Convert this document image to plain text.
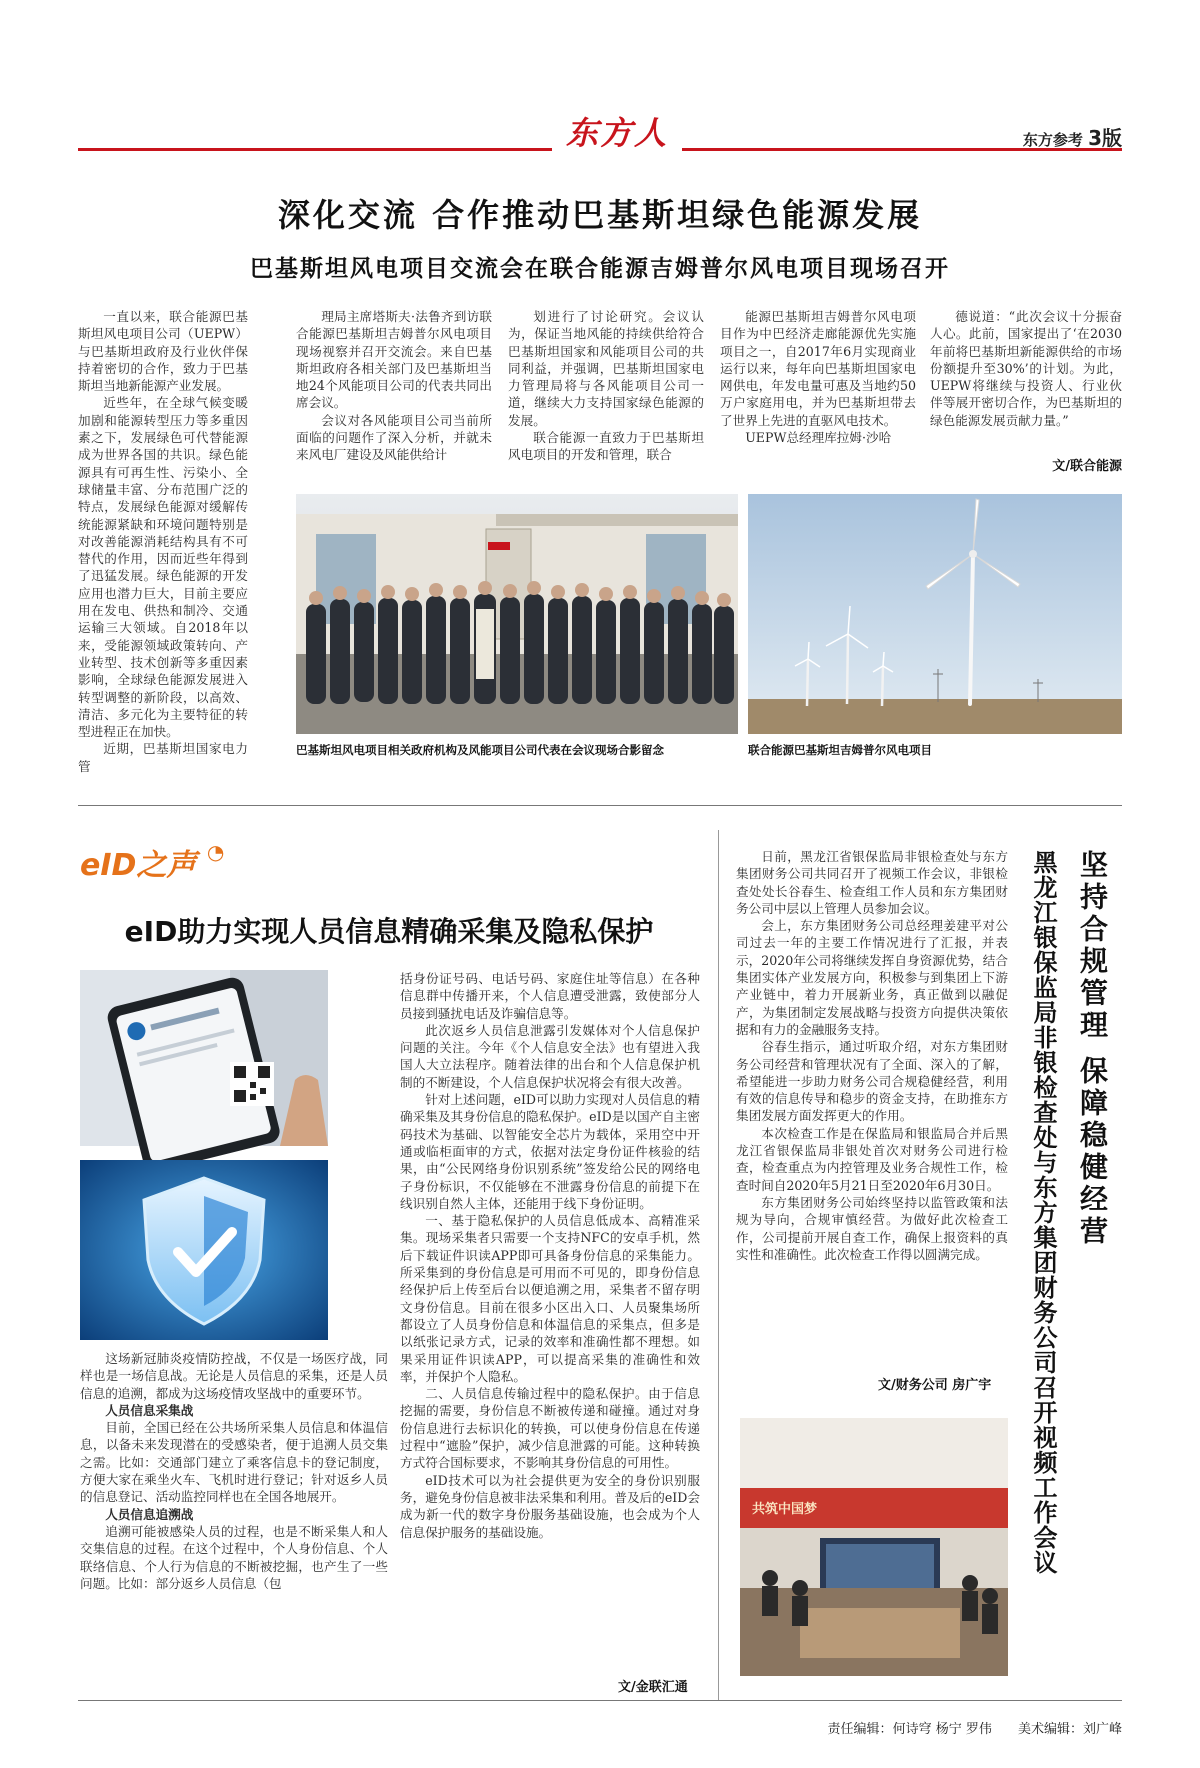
东方人	东方参考 3版
深化交流 合作推动巴基斯坦绿色能源发展
巴基斯坦风电项目交流会在联合能源吉姆普尔风电项目现场召开

一直以来，联合能源巴基斯坦风电项目公司（UEPW）与巴基斯坦政府及行业伙伴保持着密切的合作，致力于巴基斯坦当地新能源产业发展。

近些年，在全球气候变暖加剧和能源转型压力等多重因素之下，发展绿色可代替能源成为世界各国的共识。绿色能源具有可再生性、污染小、全球储量丰富、分布范围广泛的特点，发展绿色能源对缓解传统能源紧缺和环境问题特别是对改善能源消耗结构具有不可替代的作用，因而近些年得到了迅猛发展。绿色能源的开发应用也潜力巨大，目前主要应用在发电、供热和制冷、交通运输三大领域。自2018年以来，受能源领域政策转向、产业转型、技术创新等多重因素影响，全球绿色能源发展进入转型调整的新阶段，以高效、清洁、多元化为主要特征的转型进程正在加快。

近期，巴基斯坦国家电力管

理局主席塔斯夫·法鲁齐到访联合能源巴基斯坦吉姆普尔风电项目现场视察并召开交流会。来自巴基斯坦政府各相关部门及巴基斯坦当地24个风能项目公司的代表共同出席会议。

会议对各风能项目公司当前所面临的问题作了深入分析，并就未来风电厂建设及风能供给计

划进行了讨论研究。会议认为，保证当地风能的持续供给符合巴基斯坦国家和风能项目公司的共同利益，并强调，巴基斯坦国家电力管理局将与各风能项目公司一道，继续大力支持国家绿色能源的发展。

联合能源一直致力于巴基斯坦风电项目的开发和管理，联合

能源巴基斯坦吉姆普尔风电项目作为中巴经济走廊能源优先实施项目之一，自2017年6月实现商业运行以来，每年向巴基斯坦国家电网供电，年发电量可惠及当地约50万户家庭用电，并为巴基斯坦带去了世界上先进的直驱风电技术。

UEPW总经理库拉姆·沙哈

德说道：“此次会议十分振奋人心。此前，国家提出了‘在2030年前将巴基斯坦新能源供给的市场份额提升至30%’的计划。为此，UEPW将继续与投资人、行业伙伴等展开密切合作，为巴基斯坦的绿色能源发展贡献力量。”

文/联合能源
巴基斯坦风电项目相关政府机构及风能项目公司代表在会议现场合影留念	联合能源巴基斯坦吉姆普尔风电项目
eID之声 ◔
eID助力实现人员信息精确采集及隐私保护

这场新冠肺炎疫情防控战，不仅是一场医疗战，同样也是一场信息战。无论是人员信息的采集，还是人员信息的追溯，都成为这场疫情攻坚战中的重要环节。

人员信息采集战

目前，全国已经在公共场所采集人员信息和体温信息，以备未来发现潜在的受感染者，便于追溯人员交集之需。比如：交通部门建立了乘客信息卡的登记制度，方便大家在乘坐火车、飞机时进行登记；针对返乡人员的信息登记、活动监控同样也在全国各地展开。

人员信息追溯战

追溯可能被感染人员的过程，也是不断采集人和人交集信息的过程。在这个过程中，个人身份信息、个人联络信息、个人行为信息的不断被挖掘，也产生了一些问题。比如：部分返乡人员信息（包

括身份证号码、电话号码、家庭住址等信息）在各种信息群中传播开来，个人信息遭受泄露，致使部分人员接到骚扰电话及诈骗信息等。

此次返乡人员信息泄露引发媒体对个人信息保护问题的关注。今年《个人信息安全法》也有望进入我国人大立法程序。随着法律的出台和个人信息保护机制的不断建设，个人信息保护状况将会有很大改善。

针对上述问题，eID可以助力实现对人员信息的精确采集及其身份信息的隐私保护。eID是以国产自主密码技术为基础、以智能安全芯片为载体，采用空中开通或临柜面审的方式，依据对法定身份证件核验的结果，由“公民网络身份识别系统”签发给公民的网络电子身份标识，不仅能够在不泄露身份信息的前提下在线识别自然人主体，还能用于线下身份证明。

一、基于隐私保护的人员信息低成本、高精准采集。现场采集者只需要一个支持NFC的安卓手机，然后下载证件识读APP即可具备身份信息的采集能力。所采集到的身份信息是可用而不可见的，即身份信息经保护后上传至后台以便追溯之用，采集者不留存明文身份信息。目前在很多小区出入口、人员聚集场所都设立了人员身份信息和体温信息的采集点，但多是以纸张记录方式，记录的效率和准确性都不理想。如果采用证件识读APP，可以提高采集的准确性和效率，并保护个人隐私。

二、人员信息传输过程中的隐私保护。由于信息挖掘的需要，身份信息不断被传递和碰撞。通过对身份信息进行去标识化的转换，可以使身份信息在传递过程中“遮脸”保护，减少信息泄露的可能。这种转换方式符合国标要求，不影响其身份信息的可用性。

eID技术可以为社会提供更为安全的身份识别服务，避免身份信息被非法采集和利用。普及后的eID会成为新一代的数字身份服务基础设施，也会成为个人信息保护服务的基础设施。

文/金联汇通

日前，黑龙江省银保监局非银检查处与东方集团财务公司共同召开了视频工作会议，非银检查处处长谷春生、检查组工作人员和东方集团财务公司中层以上管理人员参加会议。

会上，东方集团财务公司总经理姜建平对公司过去一年的主要工作情况进行了汇报，并表示，2020年公司将继续发挥自身资源优势，结合集团实体产业发展方向，积极参与到集团上下游产业链中，着力开展新业务，真正做到以融促产，为集团制定发展战略与投资方向提供决策依据和有力的金融服务支持。

谷春生指示，通过听取介绍，对东方集团财务公司经营和管理状况有了全面、深入的了解，希望能进一步助力财务公司合规稳健经营，利用有效的信息传导和稳步的资金支持，在助推东方集团发展方面发挥更大的作用。

本次检查工作是在保监局和银监局合并后黑龙江省银保监局非银处首次对财务公司进行检查，检查重点为内控管理及业务合规性工作，检查时间自2020年5月21日至2020年6月30日。

东方集团财务公司始终坚持以监管政策和法规为导向，合规审慎经营。为做好此次检查工作，公司提前开展自查工作，确保上报资料的真实性和准确性。此次检查工作得以圆满完成。

文/财务公司 房广宇
共筑中国梦
坚持合规管理 保障稳健经营
黑龙江银保监局非银检查处与东方集团财务公司召开视频工作会议
责任编辑：何诗穹 杨宁 罗伟 美术编辑：刘广峰
